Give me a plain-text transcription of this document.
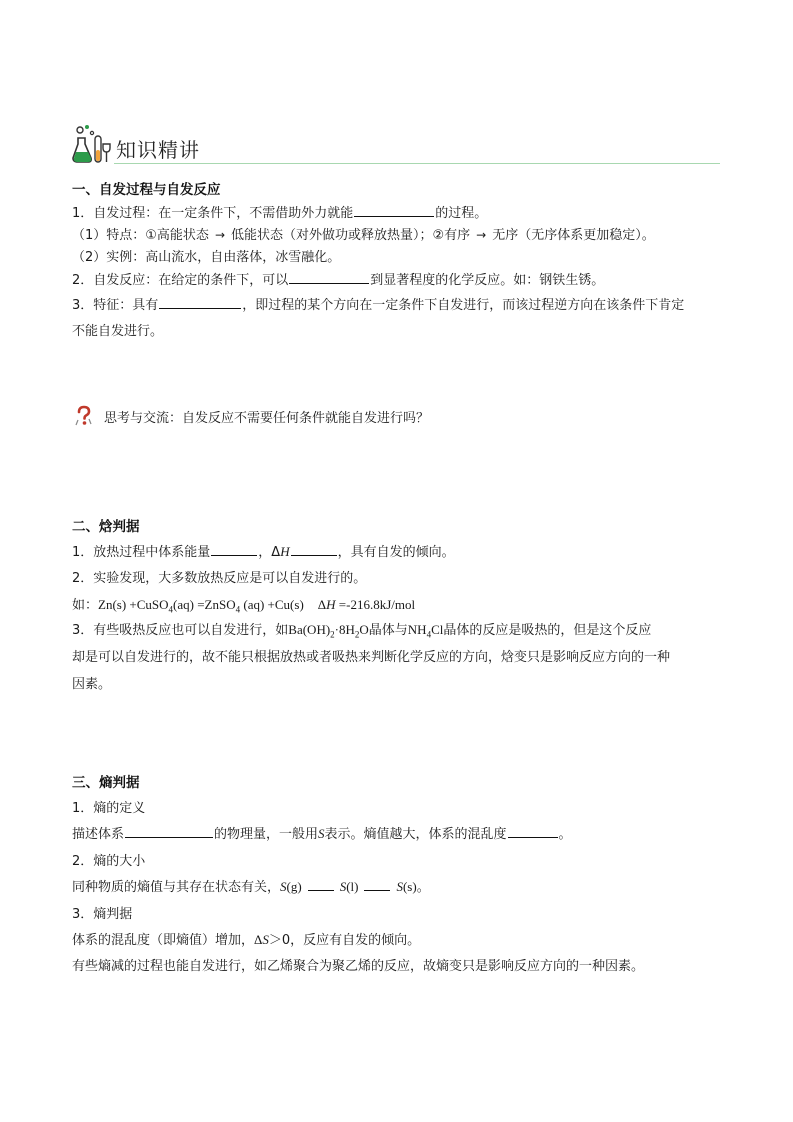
知识精讲
一、自发过程与自发反应
1．自发过程：在一定条件下，不需借助外力就能	的过程。
（1）特点：①高能状态 → 低能状态（对外做功或释放热量）；②有序 → 无序（无序体系更加稳定）。
（2）实例：高山流水，自由落体，冰雪融化。
2．自发反应：在给定的条件下，可以	到显著程度的化学反应。如：钢铁生锈。
3．特征：具有	，即过程的某个方向在一定条件下自发进行，而该过程逆方向在该条件下肯定
不能自发进行。
思考与交流：自发反应不需要任何条件就能自发进行吗？
二、焓判据
1．放热过程中体系能量	，ΔH	，具有自发的倾向。
2．实验发现，大多数放热反应是可以自发进行的。
如：Zn(s) +CuSO$_4$(aq) =ZnSO$_4$ (aq) +Cu(s) ΔH =-216.8kJ/mol
3．有些吸热反应也可以自发进行，如$Ba(OH)_2\cdot 8H_2O$晶体与$NH_4Cl$晶体的反应是吸热的，但是这个反应
却是可以自发进行的，故不能只根据放热或者吸热来判断化学反应的方向，焓变只是影响反应方向的一种
因素。
三、熵判据
1．熵的定义
描述体系	的物理量，一般用S表示。熵值越大，体系的混乱度	。
2．熵的大小
同种物质的熵值与其存在状态有关，S(g)	S(l)	S(s)。
3．熵判据
体系的混乱度（即熵值）增加，ΔS＞0，反应有自发的倾向。
有些熵减的过程也能自发进行，如乙烯聚合为聚乙烯的反应，故熵变只是影响反应方向的一种因素。
